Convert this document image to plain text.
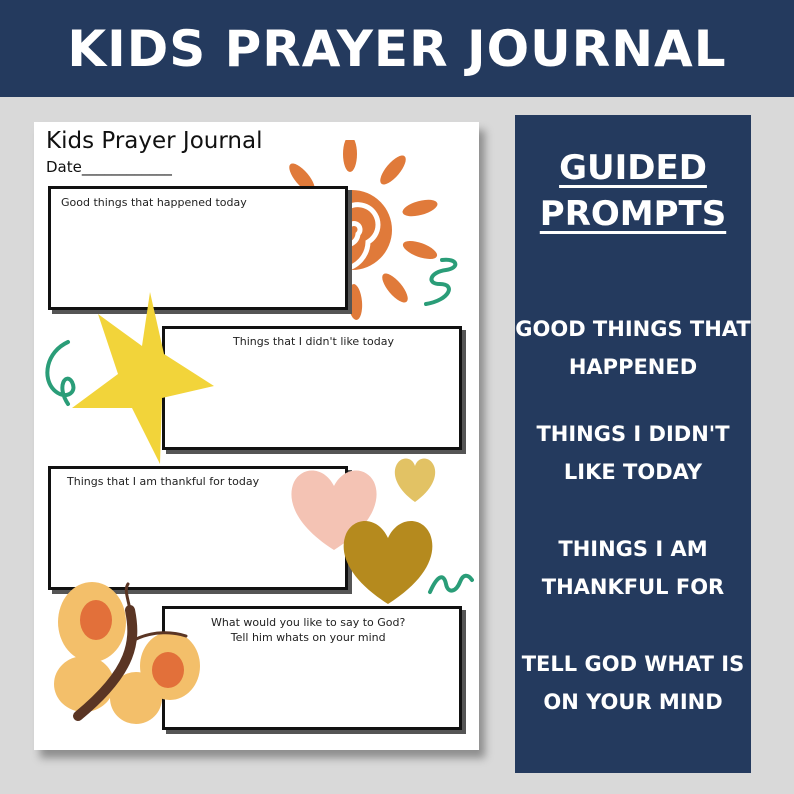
KIDS PRAYER JOURNAL
Kids Prayer Journal
Date____________
Good things that happened today
Things that I didn't like today
Things that I am thankful for today
What would you like to say to God?
Tell him whats on your mind
GUIDED
PROMPTS
GOOD THINGS THAT
HAPPENED
THINGS I DIDN'T
LIKE TODAY
THINGS I AM
THANKFUL FOR
TELL GOD WHAT IS
ON YOUR MIND
